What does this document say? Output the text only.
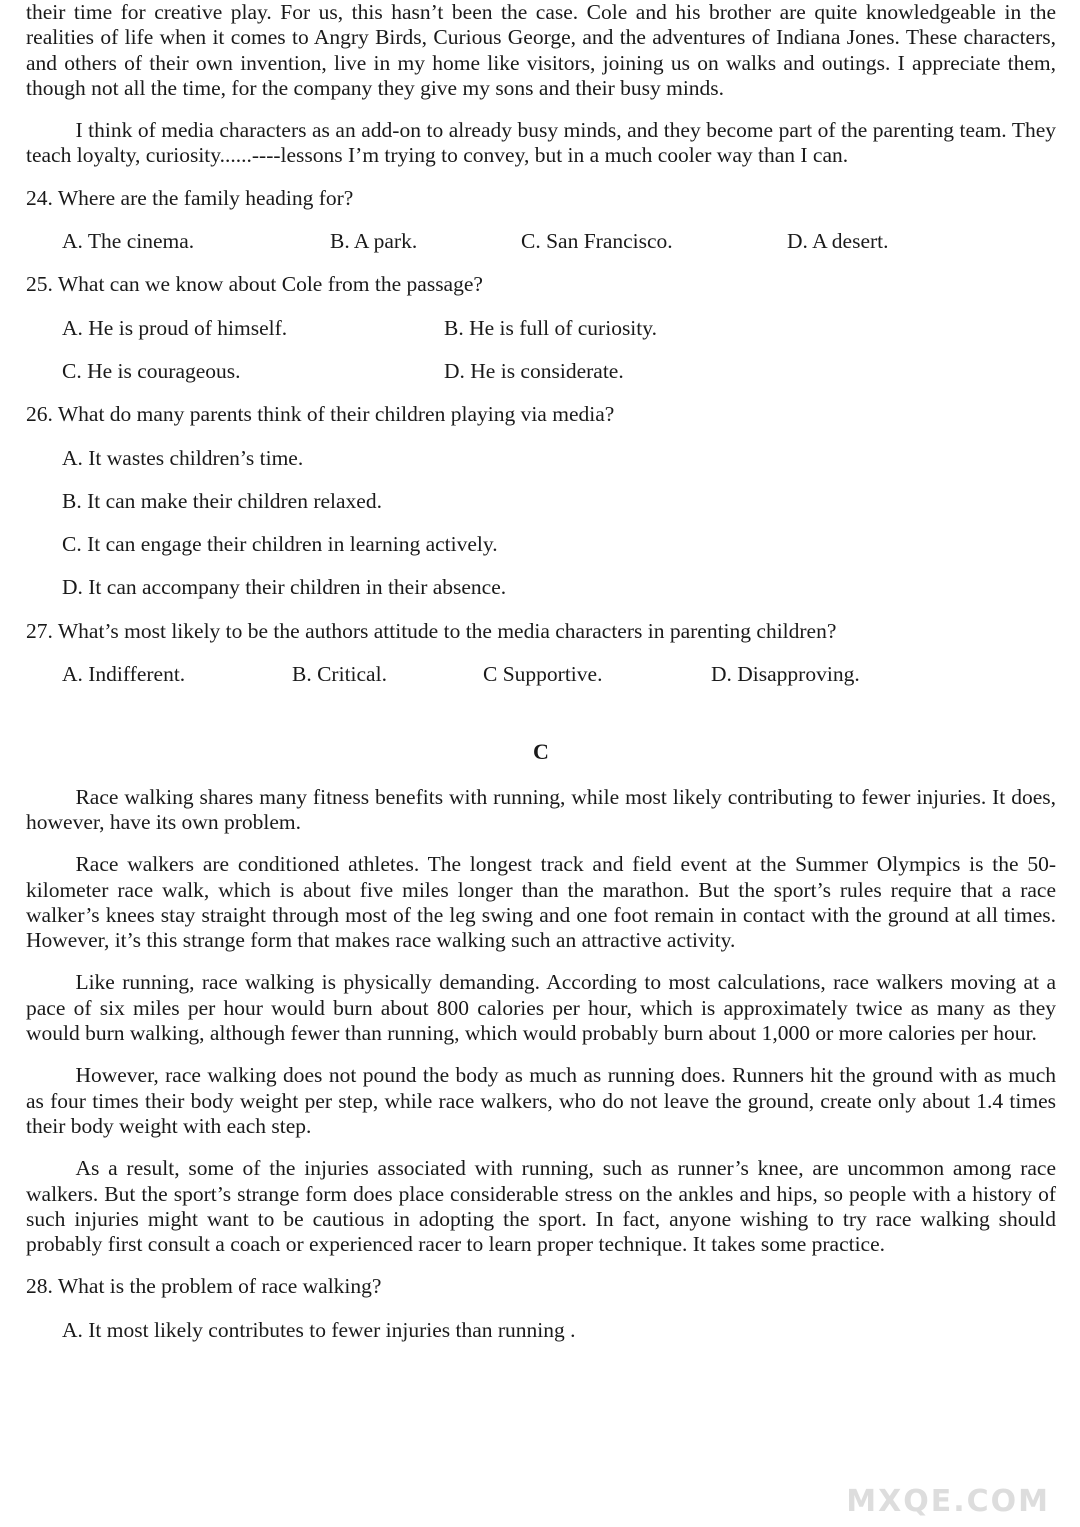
their time for creative play. For us, this hasn’t been the case. Cole and his brother are quite knowledgeable in the realities of life when it comes to Angry Birds, Curious George, and the adventures of Indiana Jones. These characters, and others of their own invention, live in my home like visitors, joining us on walks and outings. I appreciate them, though not all the time, for the company they give my sons and their busy minds.

I think of media characters as an add-on to already busy minds, and they become part of the parenting team. They teach loyalty, curiosity......----lessons I’m trying to convey, but in a much cooler way than I can.

24. Where are the family heading for?
A. The cinema.	B. A park.	C. San Francisco.	D. A desert.
25. What can we know about Cole from the passage?
A. He is proud of himself.	B. He is full of curiosity.
C. He is courageous.	D. He is considerate.
26. What do many parents think of their children playing via media?
A. It wastes children’s time.
B. It can make their children relaxed.
C. It can engage their children in learning actively.
D. It can accompany their children in their absence.
27. What’s most likely to be the authors attitude to the media characters in parenting children?
A. Indifferent.	B. Critical.	C Supportive.	D. Disapproving.
C

Race walking shares many fitness benefits with running, while most likely contributing to fewer injuries. It does, however, have its own problem.

Race walkers are conditioned athletes. The longest track and field event at the Summer Olympics is the 50-kilometer race walk, which is about five miles longer than the marathon. But the sport’s rules require that a race walker’s knees stay straight through most of the leg swing and one foot remain in contact with the ground at all times. However, it’s this strange form that makes race walking such an attractive activity.

Like running, race walking is physically demanding. According to most calculations, race walkers moving at a pace of six miles per hour would burn about 800 calories per hour, which is approximately twice as many as they would burn walking, although fewer than running, which would probably burn about 1,000 or more calories per hour.

However, race walking does not pound the body as much as running does. Runners hit the ground with as much as four times their body weight per step, while race walkers, who do not leave the ground, create only about 1.4 times their body weight with each step.

As a result, some of the injuries associated with running, such as runner’s knee, are uncommon among race walkers. But the sport’s strange form does place considerable stress on the ankles and hips, so people with a history of such injuries might want to be cautious in adopting the sport. In fact, anyone wishing to try race walking should probably first consult a coach or experienced racer to learn proper technique. It takes some practice.

28. What is the problem of race walking?
A. It most likely contributes to fewer injuries than running .
MXQE.COM
